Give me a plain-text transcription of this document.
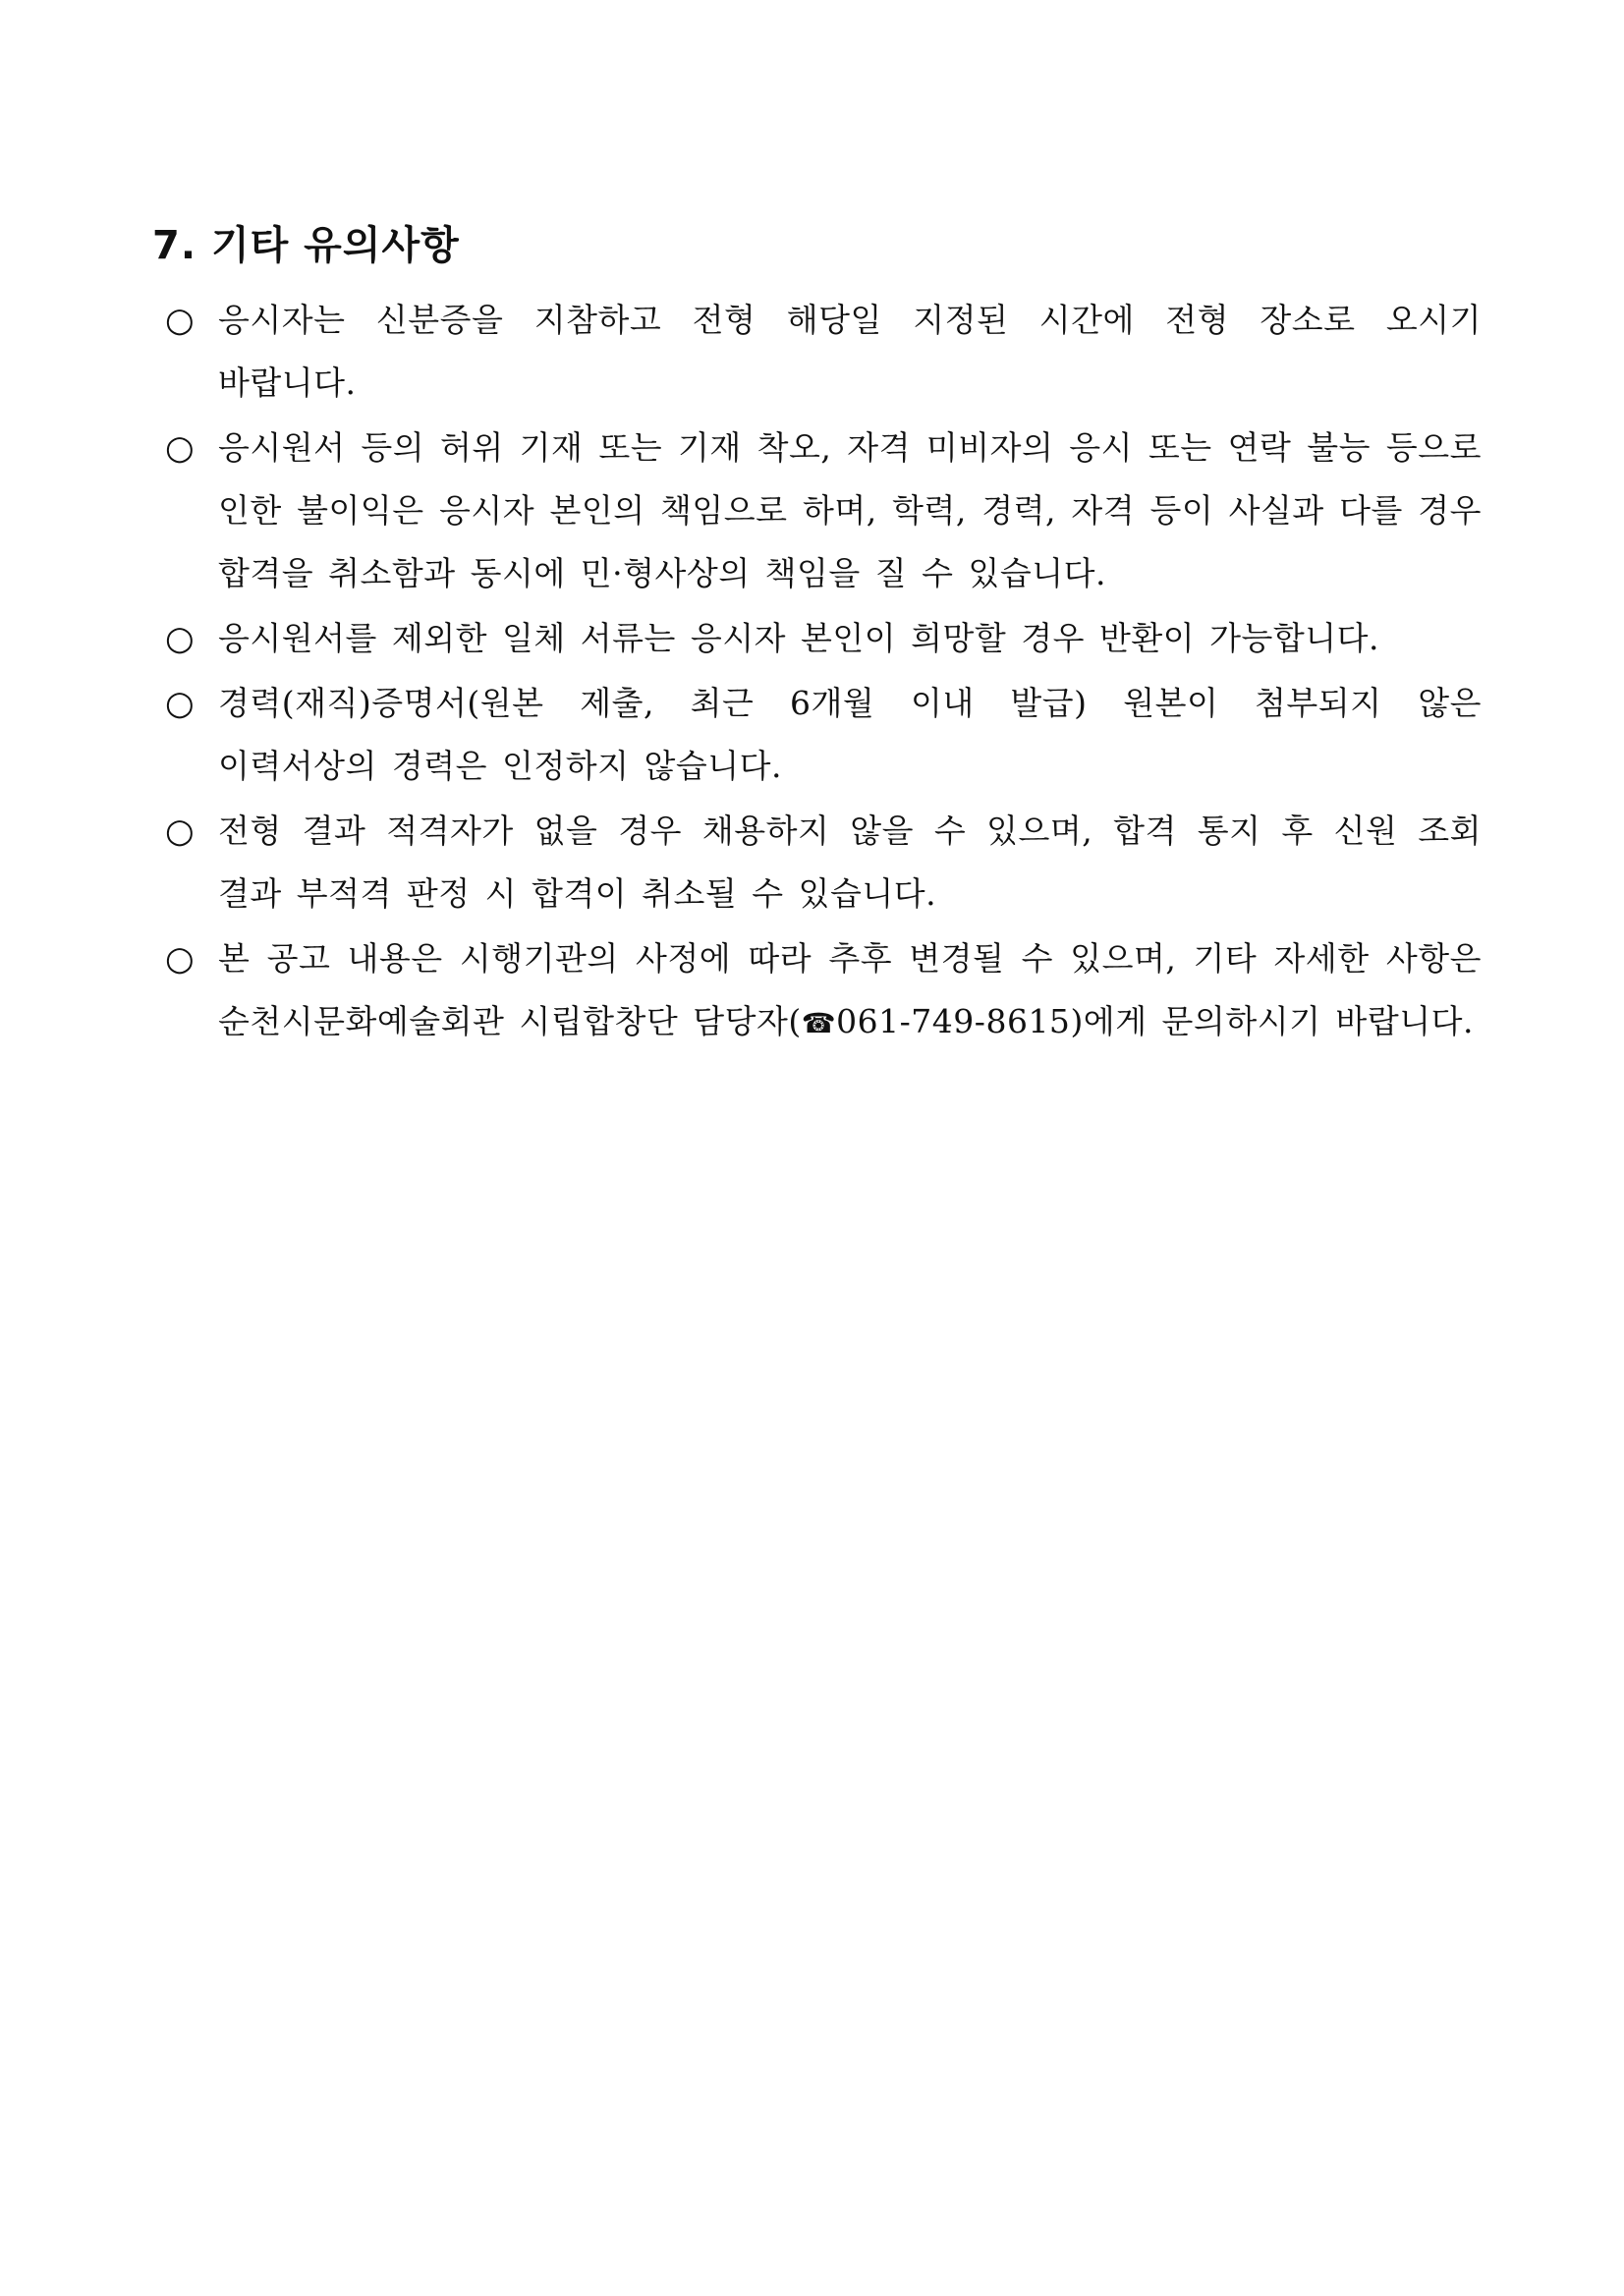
7. 기타 유의사항
○ 응시자는 신분증을 지참하고 전형 해당일 지정된 시간에 전형 장소로 오시기 바랍니다.
○ 응시원서 등의 허위 기재 또는 기재 착오, 자격 미비자의 응시 또는 연락 불능 등으로 인한 불이익은 응시자 본인의 책임으로 하며, 학력, 경력, 자격 등이 사실과 다를 경우 합격을 취소함과 동시에 민·형사상의 책임을 질 수 있습니다.
○ 응시원서를 제외한 일체 서류는 응시자 본인이 희망할 경우 반환이 가능합니다.
○ 경력(재직)증명서(원본 제출, 최근 6개월 이내 발급) 원본이 첨부되지 않은 이력서상의 경력은 인정하지 않습니다.
○ 전형 결과 적격자가 없을 경우 채용하지 않을 수 있으며, 합격 통지 후 신원 조회 결과 부적격 판정 시 합격이 취소될 수 있습니다.
○ 본 공고 내용은 시행기관의 사정에 따라 추후 변경될 수 있으며, 기타 자세한 사항은 순천시문화예술회관 시립합창단 담당자(☎061-749-8615)에게 문의하시기 바랍니다.
